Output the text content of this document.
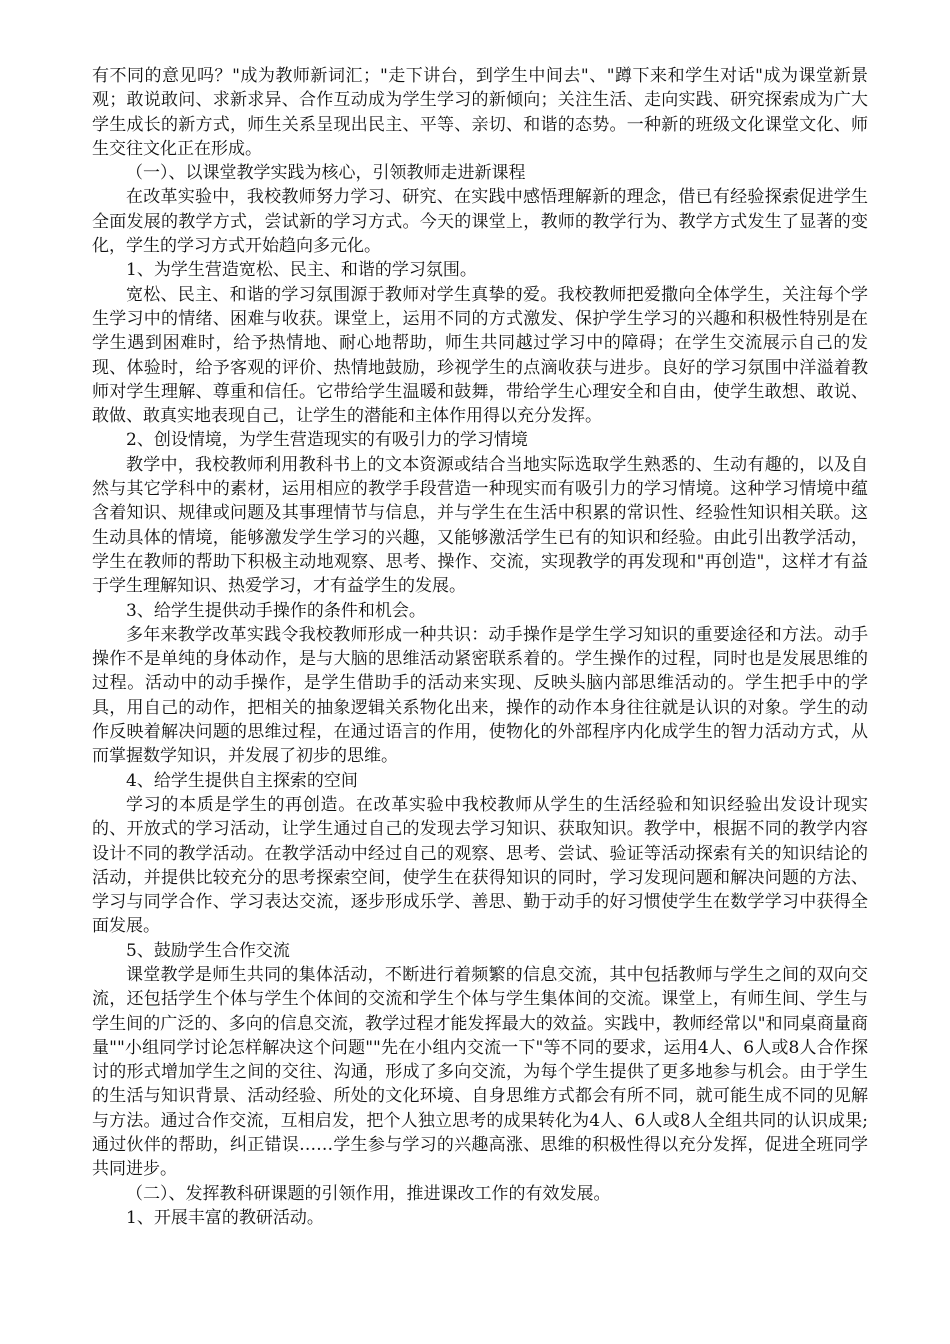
有不同的意见吗？"成为教师新词汇；"走下讲台，到学生中间去"、"蹲下来和学生对话"成为课堂新景观；敢说敢问、求新求异、合作互动成为学生学习的新倾向；关注生活、走向实践、研究探索成为广大学生成长的新方式，师生关系呈现出民主、平等、亲切、和谐的态势。一种新的班级文化课堂文化、师生交往文化正在形成。

（一）、以课堂教学实践为核心，引领教师走进新课程

在改革实验中，我校教师努力学习、研究、在实践中感悟理解新的理念，借已有经验探索促进学生全面发展的教学方式，尝试新的学习方式。今天的课堂上，教师的教学行为、教学方式发生了显著的变化，学生的学习方式开始趋向多元化。

1、为学生营造宽松、民主、和谐的学习氛围。

宽松、民主、和谐的学习氛围源于教师对学生真挚的爱。我校教师把爱撒向全体学生，关注每个学生学习中的情绪、困难与收获。课堂上，运用不同的方式激发、保护学生学习的兴趣和积极性特别是在学生遇到困难时，给予热情地、耐心地帮助，师生共同越过学习中的障碍；在学生交流展示自己的发现、体验时，给予客观的评价、热情地鼓励，珍视学生的点滴收获与进步。良好的学习氛围中洋溢着教师对学生理解、尊重和信任。它带给学生温暖和鼓舞，带给学生心理安全和自由，使学生敢想、敢说、敢做、敢真实地表现自己，让学生的潜能和主体作用得以充分发挥。

2、创设情境，为学生营造现实的有吸引力的学习情境

教学中，我校教师利用教科书上的文本资源或结合当地实际选取学生熟悉的、生动有趣的，以及自然与其它学科中的素材，运用相应的教学手段营造一种现实而有吸引力的学习情境。这种学习情境中蕴含着知识、规律或问题及其事理情节与信息，并与学生在生活中积累的常识性、经验性知识相关联。这生动具体的情境，能够激发学生学习的兴趣，又能够激活学生已有的知识和经验。由此引出教学活动，学生在教师的帮助下积极主动地观察、思考、操作、交流，实现教学的再发现和"再创造"，这样才有益于学生理解知识、热爱学习，才有益学生的发展。

3、给学生提供动手操作的条件和机会。

多年来教学改革实践令我校教师形成一种共识：动手操作是学生学习知识的重要途径和方法。动手操作不是单纯的身体动作，是与大脑的思维活动紧密联系着的。学生操作的过程，同时也是发展思维的过程。活动中的动手操作，是学生借助手的活动来实现、反映头脑内部思维活动的。学生把手中的学具，用自己的动作，把相关的抽象逻辑关系物化出来，操作的动作本身往往就是认识的对象。学生的动作反映着解决问题的思维过程，在通过语言的作用，使物化的外部程序内化成学生的智力活动方式，从而掌握数学知识，并发展了初步的思维。

4、给学生提供自主探索的空间

学习的本质是学生的再创造。在改革实验中我校教师从学生的生活经验和知识经验出发设计现实的、开放式的学习活动，让学生通过自己的发现去学习知识、获取知识。教学中，根据不同的教学内容设计不同的教学活动。在教学活动中经过自己的观察、思考、尝试、验证等活动探索有关的知识结论的活动，并提供比较充分的思考探索空间，使学生在获得知识的同时，学习发现问题和解决问题的方法、学习与同学合作、学习表达交流，逐步形成乐学、善思、勤于动手的好习惯使学生在数学学习中获得全面发展。

5、鼓励学生合作交流

课堂教学是师生共同的集体活动，不断进行着频繁的信息交流，其中包括教师与学生之间的双向交流，还包括学生个体与学生个体间的交流和学生个体与学生集体间的交流。课堂上，有师生间、学生与学生间的广泛的、多向的信息交流，教学过程才能发挥最大的效益。实践中，教师经常以"和同桌商量商量""小组同学讨论怎样解决这个问题""先在小组内交流一下"等不同的要求，运用4人、6人或8人合作探讨的形式增加学生之间的交往、沟通，形成了多向交流，为每个学生提供了更多地参与机会。由于学生的生活与知识背景、活动经验、所处的文化环境、自身思维方式都会有所不同，就可能生成不同的见解与方法。通过合作交流，互相启发，把个人独立思考的成果转化为4人、6人或8人全组共同的认识成果;通过伙伴的帮助，纠正错误……学生参与学习的兴趣高涨、思维的积极性得以充分发挥，促进全班同学共同进步。

（二）、发挥教科研课题的引领作用，推进课改工作的有效发展。

1、开展丰富的教研活动。
